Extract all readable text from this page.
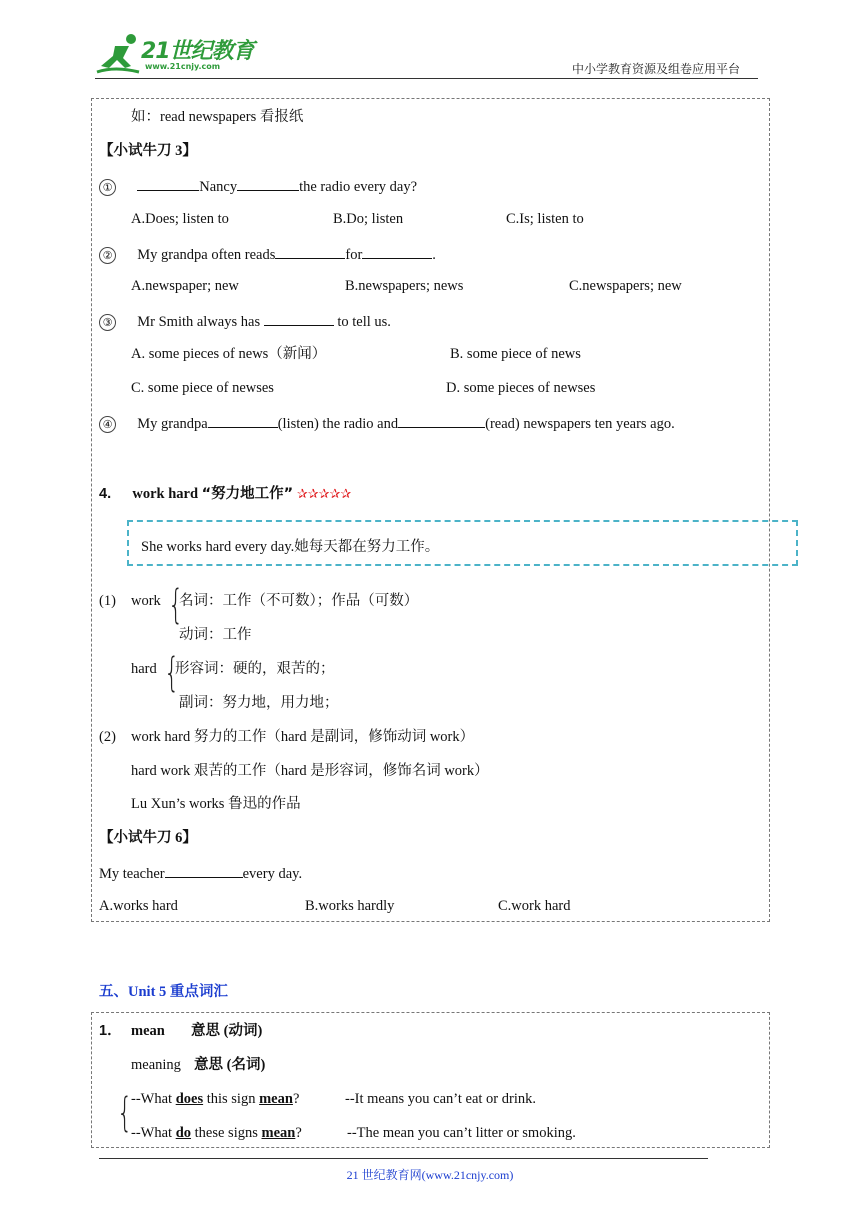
21世纪教育
www.21cnjy.com	中小学教育资源及组卷应用平台
如：read newspapers 看报纸
【小试牛刀 3】
①	Nancy	the radio every day?
A.Does; listen to	B.Do; listen	C.Is; listen to
② My grandpa often reads	for	.
A.newspaper; new	B.newspapers; news	C.newspapers; new
③ Mr Smith always has	to tell us.
A. some pieces of news（新闻）	B. some piece of news
C. some piece of newses	D. some pieces of newses
④ My grandpa	(listen) the radio and	(read) newspapers ten years ago.
4. work hard “努力地工作” ✰✰✰✰✰
She works hard every day.她每天都在努力工作。
(1) work {
名词：工作（不可数）；作品（可数）
动词：工作
hard {
形容词：硬的，艰苦的；
副词：努力地，用力地；
(2) work hard 努力的工作（hard 是副词，修饰动词 work）
hard work 艰苦的工作（hard 是形容词，修饰名词 work）
Lu Xun’s works 鲁迅的作品
【小试牛刀 6】
My teacher	every day.
A.works hard	B.works hardly	C.work hard
五、Unit 5 重点词汇
1． mean 意思 (动词)
meaning 意思 (名词)
{
--What does this sign mean?	--It means you can’t eat or drink.
--What do these signs mean?	--The mean you can’t litter or smoking.
21 世纪教育网(www.21cnjy.com)
